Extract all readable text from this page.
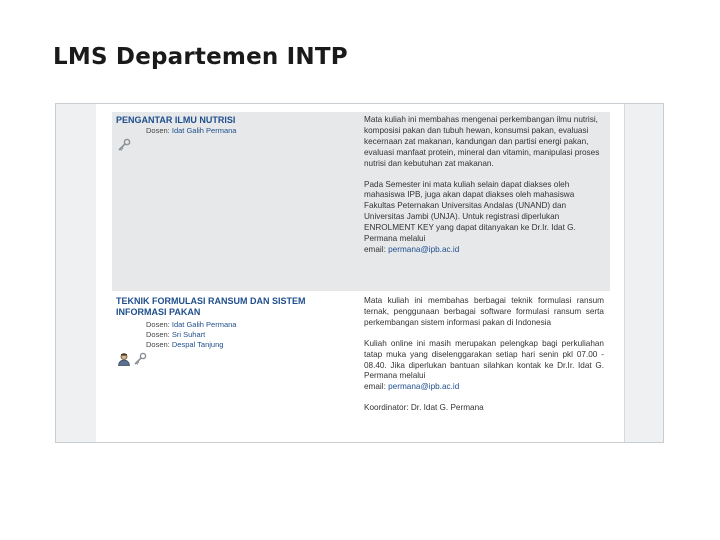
LMS Departemen INTP
PENGANTAR ILMU NUTRISI
Dosen: Idat Galih Permana

Mata kuliah ini membahas mengenai perkembangan ilmu nutrisi, komposisi pakan dan tubuh hewan, konsumsi pakan, evaluasi kecernaan zat makanan, kandungan dan partisi energi pakan, evaluasi manfaat protein, mineral dan vitamin, manipulasi proses nutrisi dan kebutuhan zat makanan.

Pada Semester ini mata kuliah selain dapat diakses oleh mahasiswa IPB, juga akan dapat diakses oleh mahasiswa Fakultas Peternakan Universitas Andalas (UNAND) dan Universitas Jambi (UNJA). Untuk registrasi diperlukan ENROLMENT KEY yang dapat ditanyakan ke Dr.Ir. Idat G. Permana melalui
email: permana@ipb.ac.id

TEKNIK FORMULASI RANSUM DAN SISTEM INFORMASI PAKAN
Dosen: Idat Galih Permana
Dosen: Sri Suhart
Dosen: Despal Tanjung

Mata kuliah ini membahas berbagai teknik formulasi ransum ternak, penggunaan berbagai software formulasi ransum serta perkembangan sistem informasi pakan di Indonesia

Kuliah online ini masih merupakan pelengkap bagi perkuliahan tatap muka yang diselenggarakan setiap hari senin pkl 07.00 - 08.40. Jika diperlukan bantuan silahkan kontak ke Dr.Ir. Idat G. Permana melalui
email: permana@ipb.ac.id

Koordinator: Dr. Idat G. Permana
